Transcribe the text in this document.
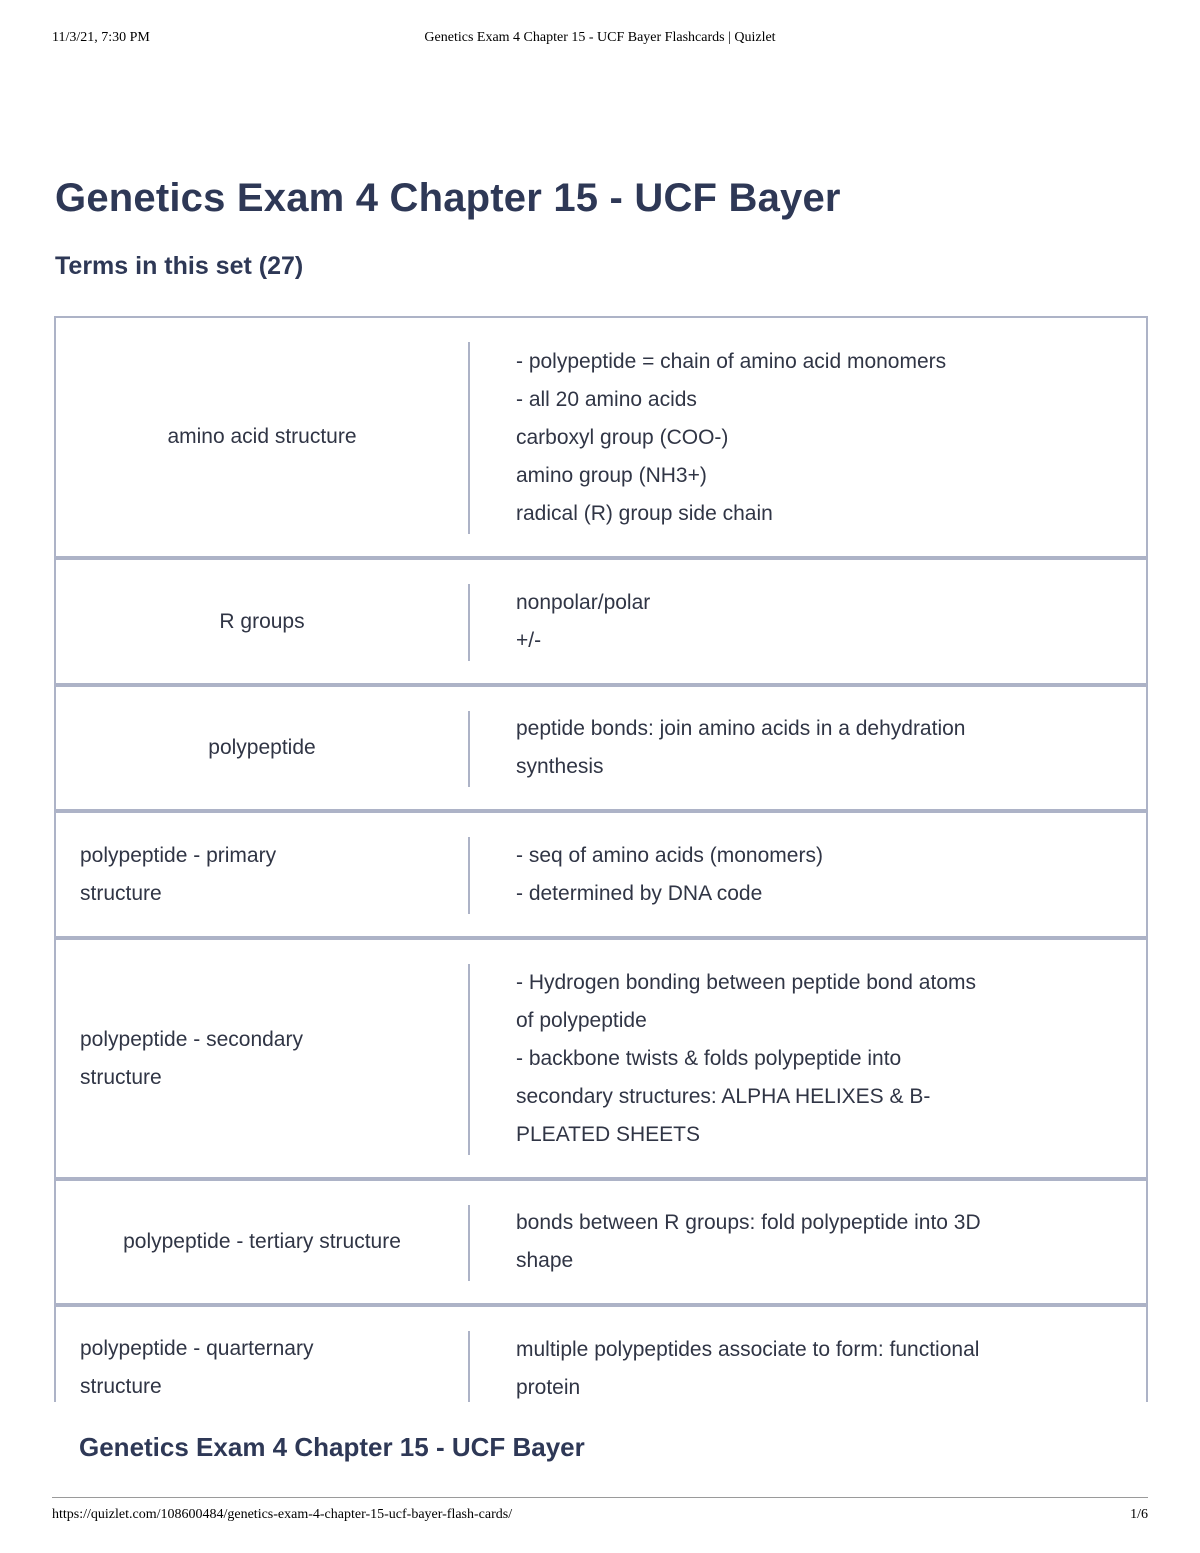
11/3/21, 7:30 PM	Genetics Exam 4 Chapter 15 - UCF Bayer Flashcards | Quizlet
Genetics Exam 4 Chapter 15 - UCF Bayer
Terms in this set (27)
amino acid structure
- polypeptide = chain of amino acid monomers
- all 20 amino acids
carboxyl group (COO-)
amino group (NH3+)
radical (R) group side chain
R groups
nonpolar/polar
+/-
polypeptide
peptide bonds: join amino acids in a dehydration
synthesis
polypeptide - primary
structure
- seq of amino acids (monomers)
- determined by DNA code
polypeptide - secondary
structure
- Hydrogen bonding between peptide bond atoms
of polypeptide
- backbone twists & folds polypeptide into
secondary structures: ALPHA HELIXES & B-
PLEATED SHEETS
polypeptide - tertiary structure
bonds between R groups: fold polypeptide into 3D
shape
polypeptide - quarternary
structure
multiple polypeptides associate to form: functional
protein
Genetics Exam 4 Chapter 15 - UCF Bayer
https://quizlet.com/108600484/genetics-exam-4-chapter-15-ucf-bayer-flash-cards/	1/6
